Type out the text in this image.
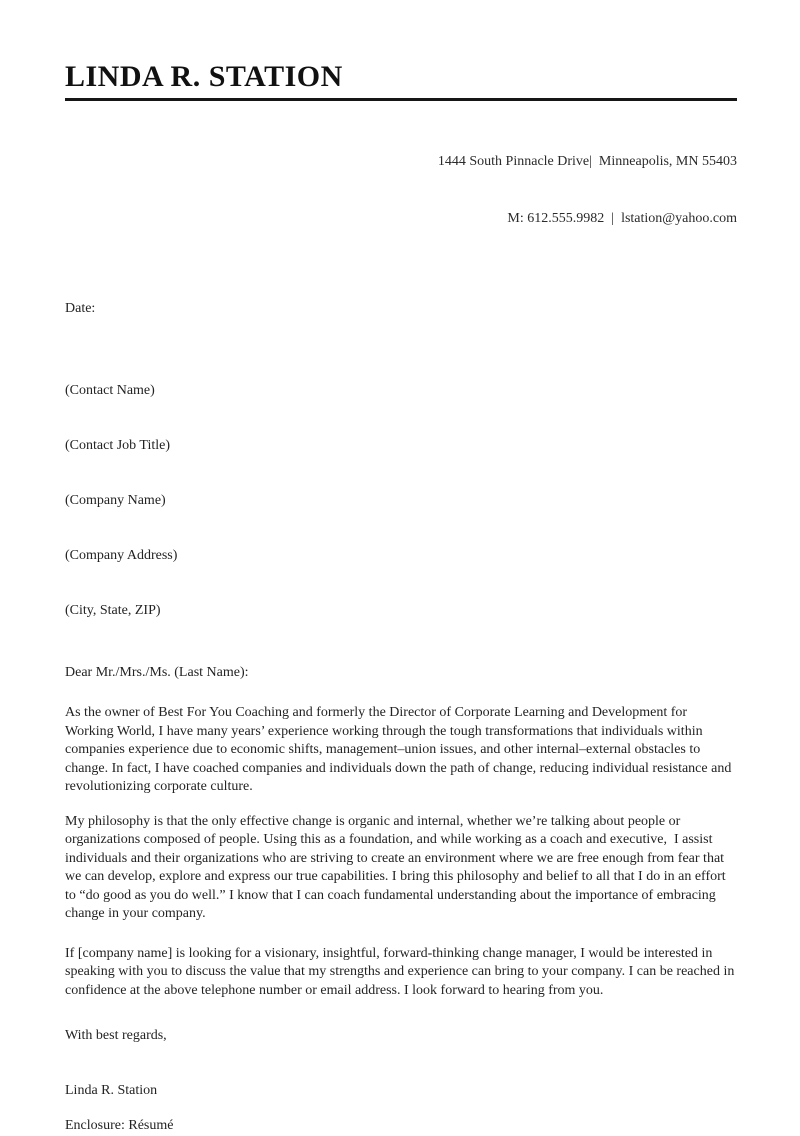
LINDA R. STATION

1444 South Pinnacle Drive|  Minneapolis, MN 55403

M: 612.555.9982  |  lstation@yahoo.com

Date:

(Contact Name)

(Contact Job Title)

(Company Name)

(Company Address)

(City, State, ZIP)

Dear Mr./Mrs./Ms. (Last Name):

As the owner of Best For You Coaching and formerly the Director of Corporate Learning and Development for Working World, I have many years’ experience working through the tough transformations that individuals within companies experience due to economic shifts, management–union issues, and other internal–external obstacles to change. In fact, I have coached companies and individuals down the path of change, reducing individual resistance and revolutionizing corporate culture.

My philosophy is that the only effective change is organic and internal, whether we’re talking about people or organizations composed of people. Using this as a foundation, and while working as a coach and executive,  I assist individuals and their organizations who are striving to create an environment where we are free enough from fear that we can develop, explore and express our true capabilities. I bring this philosophy and belief to all that I do in an effort to “do good as you do well.” I know that I can coach fundamental understanding about the importance of embracing change in your company.

If [company name] is looking for a visionary, insightful, forward-thinking change manager, I would be interested in speaking with you to discuss the value that my strengths and experience can bring to your company. I can be reached in confidence at the above telephone number or email address. I look forward to hearing from you.

With best regards,
Linda R. Station
Enclosure: Résumé
